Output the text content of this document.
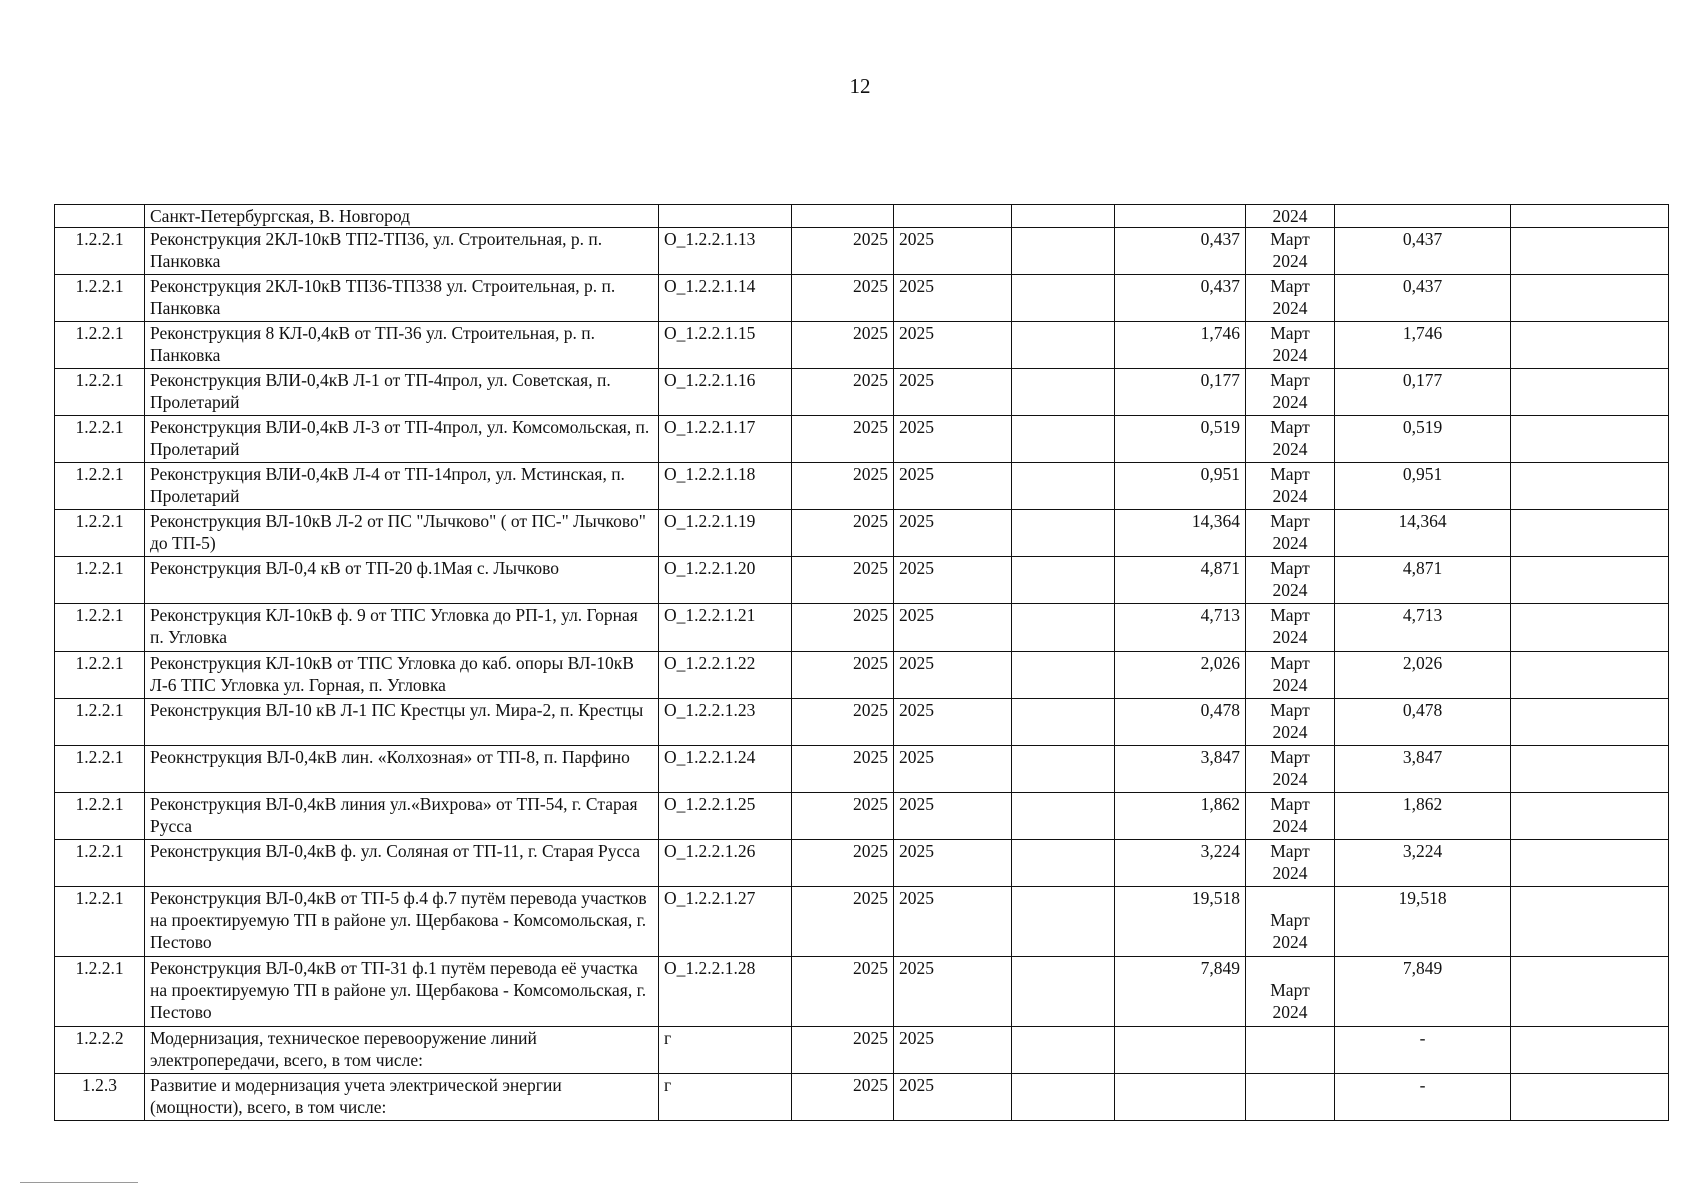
12
	Санкт-Петербургская, В. Новгород						2024		
1.2.2.1	Реконструкция 2КЛ-10кВ ТП2-ТП36, ул. Строительная, р. п. Панковка	О_1.2.2.1.13	2025	2025		0,437	Март 2024	0,437	
1.2.2.1	Реконструкция 2КЛ-10кВ ТП36-ТП338 ул. Строительная, р. п. Панковка	О_1.2.2.1.14	2025	2025		0,437	Март 2024	0,437	
1.2.2.1	Реконструкция 8 КЛ-0,4кВ от ТП-36 ул. Строительная, р. п. Панковка	О_1.2.2.1.15	2025	2025		1,746	Март 2024	1,746	
1.2.2.1	Реконструкция ВЛИ-0,4кВ Л-1 от ТП-4прол, ул. Советская, п. Пролетарий	О_1.2.2.1.16	2025	2025		0,177	Март 2024	0,177	
1.2.2.1	Реконструкция ВЛИ-0,4кВ Л-3 от ТП-4прол, ул. Комсомольская, п. Пролетарий	О_1.2.2.1.17	2025	2025		0,519	Март 2024	0,519	
1.2.2.1	Реконструкция ВЛИ-0,4кВ Л-4 от ТП-14прол, ул. Мстинская, п. Пролетарий	О_1.2.2.1.18	2025	2025		0,951	Март 2024	0,951	
1.2.2.1	Реконструкция ВЛ-10кВ Л-2 от ПС "Лычково" ( от ПС-" Лычково" до ТП-5)	О_1.2.2.1.19	2025	2025		14,364	Март 2024	14,364	
1.2.2.1	Реконструкция ВЛ-0,4 кВ от ТП-20 ф.1Мая с. Лычково	О_1.2.2.1.20	2025	2025		4,871	Март 2024	4,871	
1.2.2.1	Реконструкция КЛ-10кВ ф. 9 от ТПС Угловка до РП-1, ул. Горная п. Угловка	О_1.2.2.1.21	2025	2025		4,713	Март 2024	4,713	
1.2.2.1	Реконструкция КЛ-10кВ от ТПС Угловка до каб. опоры ВЛ-10кВ Л-6 ТПС Угловка ул. Горная, п. Угловка	О_1.2.2.1.22	2025	2025		2,026	Март 2024	2,026	
1.2.2.1	Реконструкция ВЛ-10 кВ Л-1 ПС Крестцы ул. Мира-2, п. Крестцы	О_1.2.2.1.23	2025	2025		0,478	Март 2024	0,478	
1.2.2.1	Реокнструкция ВЛ-0,4кВ лин. «Колхозная» от ТП-8, п. Парфино	О_1.2.2.1.24	2025	2025		3,847	Март 2024	3,847	
1.2.2.1	Реконструкция ВЛ-0,4кВ линия ул.«Вихрова» от ТП-54, г. Старая Русса	О_1.2.2.1.25	2025	2025		1,862	Март 2024	1,862	
1.2.2.1	Реконструкция ВЛ-0,4кВ ф. ул. Соляная от ТП-11, г. Старая Русса	О_1.2.2.1.26	2025	2025		3,224	Март 2024	3,224	
1.2.2.1	Реконструкция ВЛ-0,4кВ от ТП-5 ф.4 ф.7 путём перевода участков на проектируемую ТП в районе ул. Щербакова - Комсомольская, г. Пестово	О_1.2.2.1.27	2025	2025		19,518	Март 2024	19,518	
1.2.2.1	Реконструкция ВЛ-0,4кВ от ТП-31 ф.1 путём перевода её участка на проектируемую ТП в районе ул. Щербакова - Комсомольская, г. Пестово	О_1.2.2.1.28	2025	2025		7,849	Март 2024	7,849	
1.2.2.2	Модернизация, техническое перевооружение линий электропередачи, всего, в том числе:	г	2025	2025				-	
1.2.3	Развитие и модернизация учета электрической энергии (мощности), всего, в том числе:	г	2025	2025				-	
